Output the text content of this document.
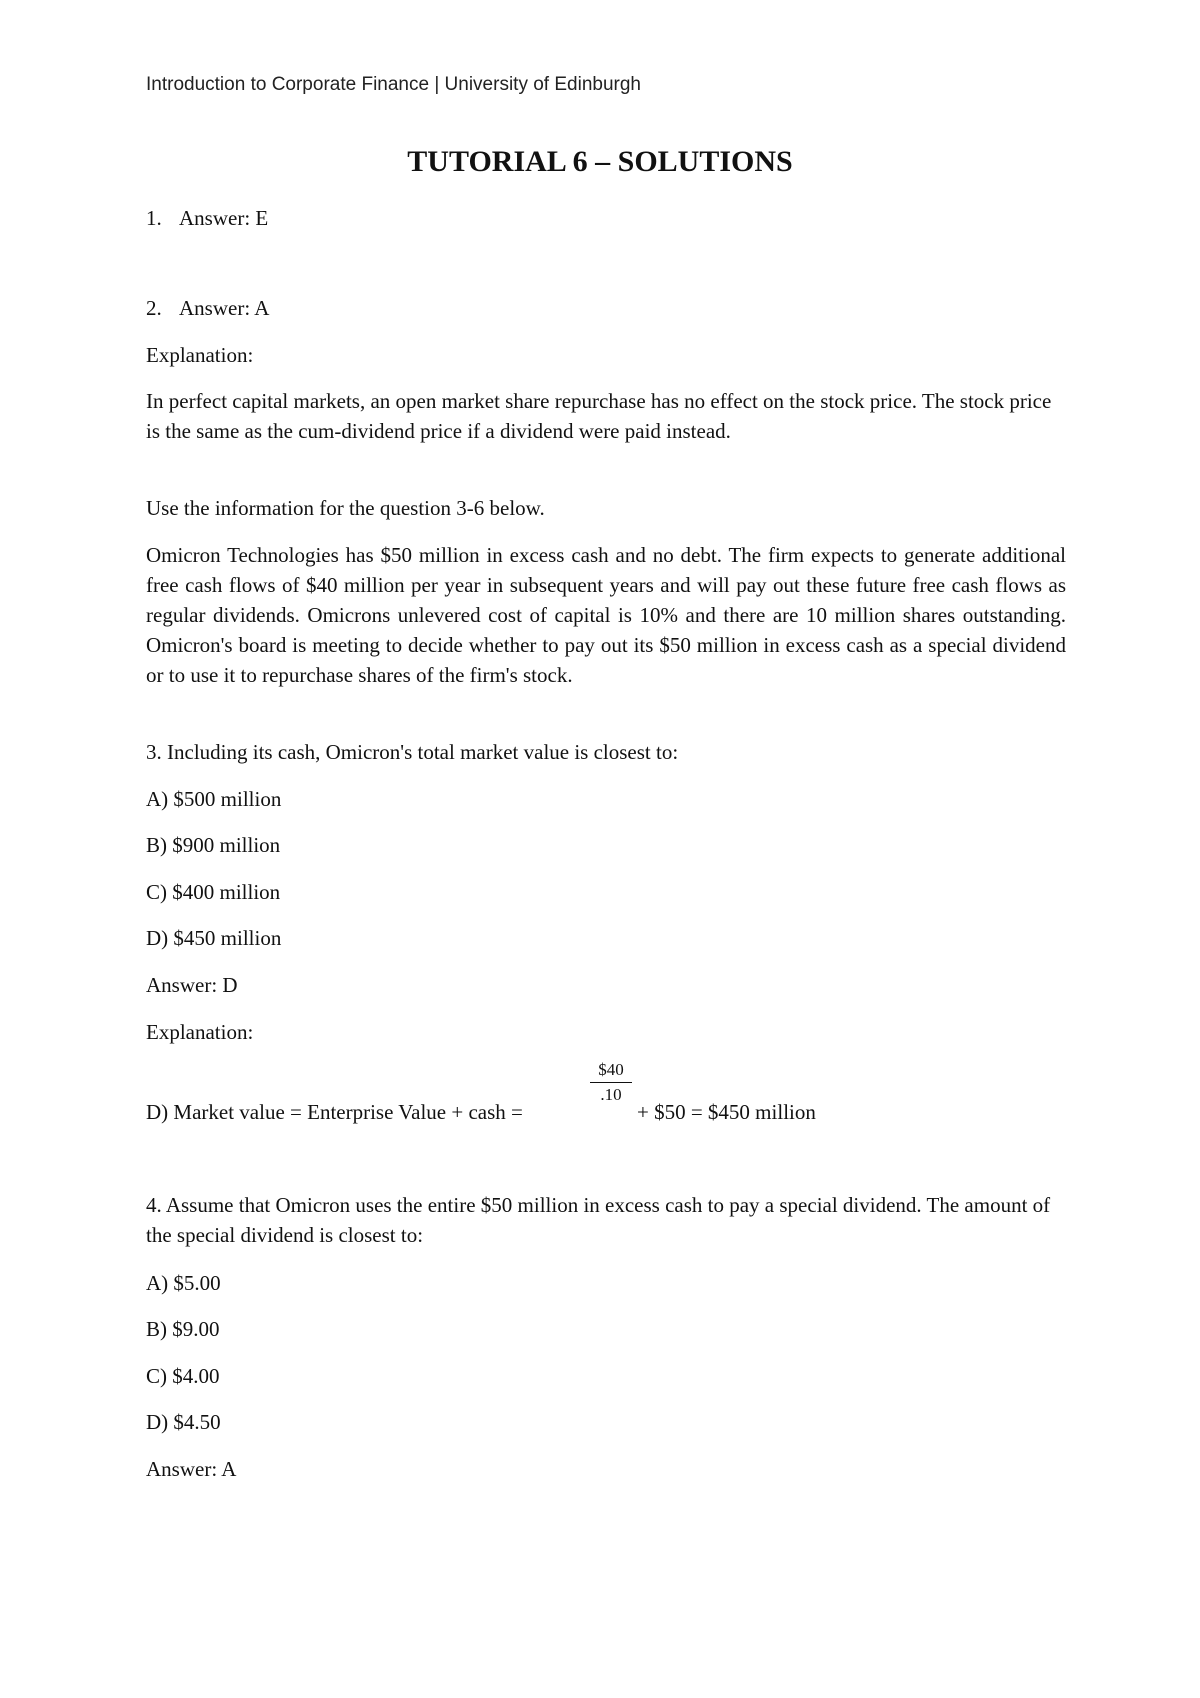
Introduction to Corporate Finance | University of Edinburgh
TUTORIAL 6 – SOLUTIONS
1. Answer: E
2. Answer: A
Explanation:
In perfect capital markets, an open market share repurchase has no effect on the stock price. The stock price is the same as the cum-dividend price if a dividend were paid instead.
Use the information for the question 3-6 below.
Omicron Technologies has $50 million in excess cash and no debt. The firm expects to generate additional free cash flows of $40 million per year in subsequent years and will pay out these future free cash flows as regular dividends. Omicrons unlevered cost of capital is 10% and there are 10 million shares outstanding. Omicron's board is meeting to decide whether to pay out its $50 million in excess cash as a special dividend or to use it to repurchase shares of the firm's stock.
3. Including its cash, Omicron's total market value is closest to:
A) $500 million
B) $900 million
C) $400 million
D) $450 million
Answer: D
Explanation:
D) Market value = Enterprise Value + cash =
$40
.10
+ $50 = $450 million
4. Assume that Omicron uses the entire $50 million in excess cash to pay a special dividend. The amount of the special dividend is closest to:
A) $5.00
B) $9.00
C) $4.00
D) $4.50
Answer: A
